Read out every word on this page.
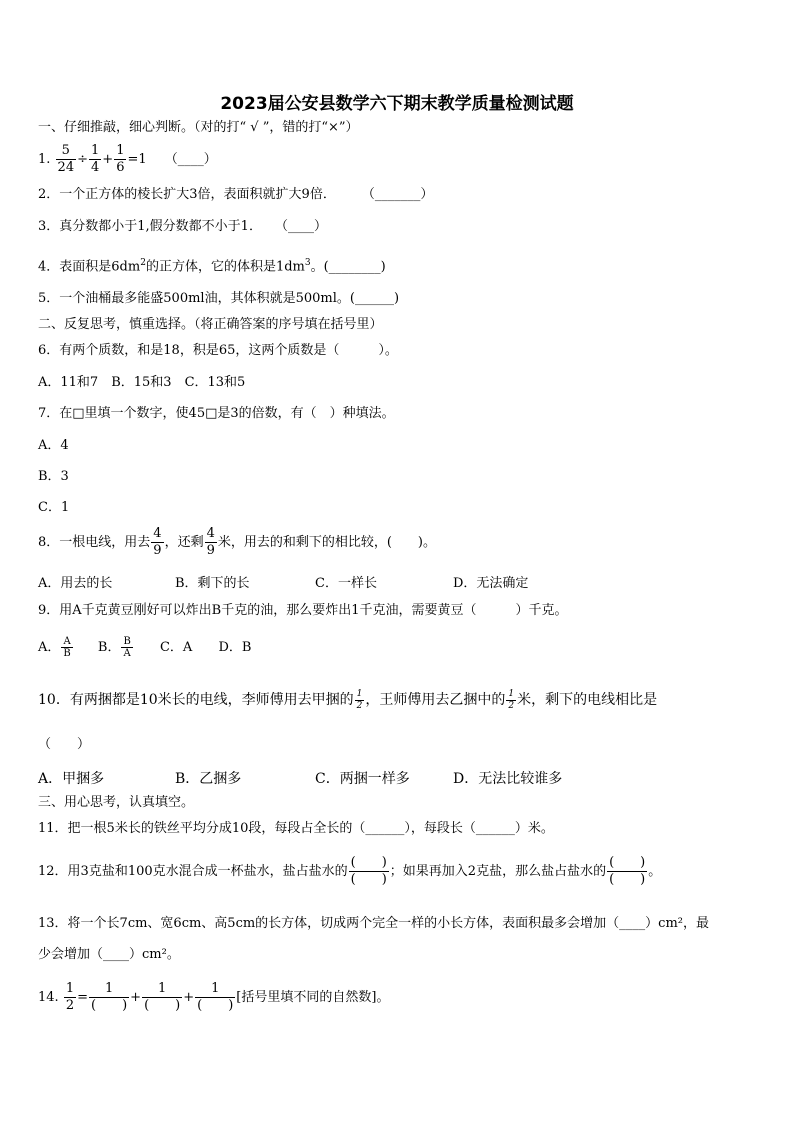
2023届公安县数学六下期末教学质量检测试题
一、仔细推敲，细心判断。（对的打“ √ ”，错的打“×”）
1. $\frac{5}{24} \div \frac{1}{4} + \frac{1}{6} =1$ （____）
2．一个正方体的棱长扩大3倍，表面积就扩大9倍．　　　（_______）
3．真分数都小于1,假分数都不小于1．　　（____）
4．表面积是$6dm^2$的正方体，它的体积是$1dm^3$。(________)
5．一个油桶最多能盛500ml油，其体积就是500ml。(______)
二、反复思考，慎重选择。（将正确答案的序号填在括号里）
6．有两个质数，和是18，积是65，这两个质数是（　　　）。
A．11和7　B．15和3　C．13和5
7．在□里填一个数字，使45□是3的倍数，有（　）种填法。
A．4
B．3
C．1
8．一根电线，用去 $\frac{4}{9}$ ，还剩 $\frac{4}{9}$ 米，用去的和剩下的相比较，(　　)。
A．用去的长	B．剩下的长	C．一样长	D．无法确定
9．用A千克黄豆刚好可以炸出B千克的油，那么要炸出1千克油，需要黄豆（　　　）千克。
A． $\frac{A}{B}$ B． $\frac{B}{A}$ C．A D．B
10．有两捆都是10米长的电线，李师傅用去甲捆的 $\frac{1}{2}$ ，王师傅用去乙捆中的 $\frac{1}{2}$ 米，剩下的电线相比是
（　　）
A．甲捆多	B．乙捆多	C．两捆一样多	D．无法比较谁多
三、用心思考，认真填空。
11．把一根5米长的铁丝平均分成10段，每段占全长的（______），每段长（______）米。
12．用3克盐和100克水混合成一杯盐水，盐占盐水的 $\frac{( )}{( )}$ ；如果再加入2克盐，那么盐占盐水的 $\frac{( )}{( )}$ 。
13．将一个长7cm、宽6cm、高5cm的长方体，切成两个完全一样的小长方体，表面积最多会增加（____）cm²，最
少会增加（____）cm²。
14. $\frac{1}{2} = \frac{1}{( )} + \frac{1}{( )} + \frac{1}{( )}$ [括号里填不同的自然数]。
